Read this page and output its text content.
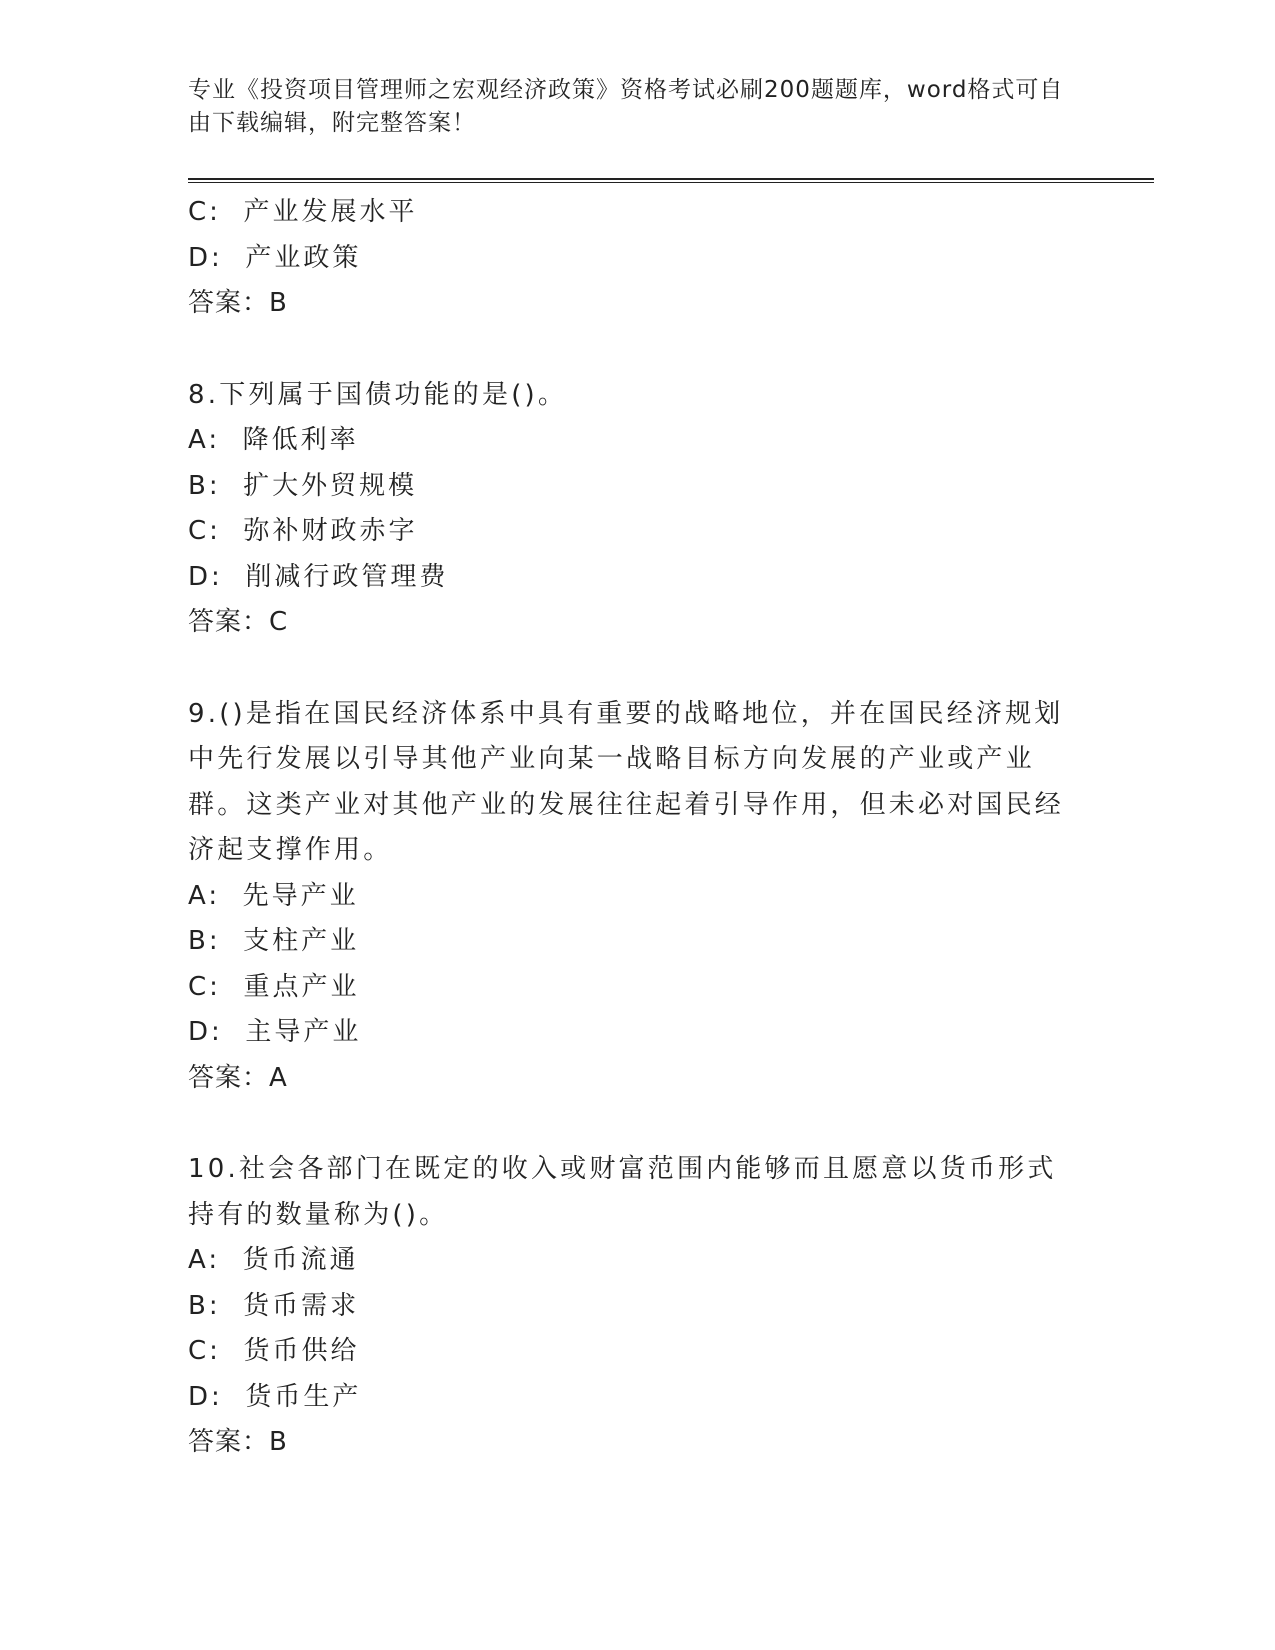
专业《投资项目管理师之宏观经济政策》资格考试必刷200题题库，word格式可自由下载编辑，附完整答案！
C:  产业发展水平
D:  产业政策
答案：B
8.下列属于国债功能的是()。
A:  降低利率
B:  扩大外贸规模
C:  弥补财政赤字
D:  削减行政管理费
答案：C
9.()是指在国民经济体系中具有重要的战略地位，并在国民经济规划中先行发展以引导其他产业向某一战略目标方向发展的产业或产业群。这类产业对其他产业的发展往往起着引导作用，但未必对国民经济起支撑作用。
A:  先导产业
B:  支柱产业
C:  重点产业
D:  主导产业
答案：A
10.社会各部门在既定的收入或财富范围内能够而且愿意以货币形式持有的数量称为()。
A:  货币流通
B:  货币需求
C:  货币供给
D:  货币生产
答案：B
